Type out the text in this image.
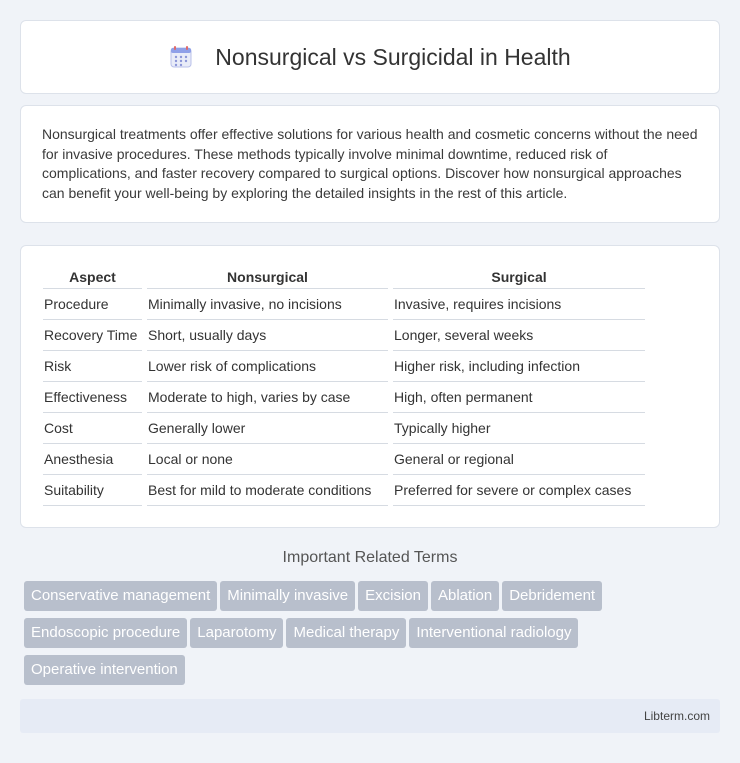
Nonsurgical vs Surgicidal in Health

Nonsurgical treatments offer effective solutions for various health and cosmetic concerns without the need for invasive procedures. These methods typically involve minimal downtime, reduced risk of complications, and faster recovery compared to surgical options. Discover how nonsurgical approaches can benefit your well-being by exploring the detailed insights in the rest of this article.

Aspect	Nonsurgical	Surgical
Procedure	Minimally invasive, no incisions	Invasive, requires incisions
Recovery Time	Short, usually days	Longer, several weeks
Risk	Lower risk of complications	Higher risk, including infection
Effectiveness	Moderate to high, varies by case	High, often permanent
Cost	Generally lower	Typically higher
Anesthesia	Local or none	General or regional
Suitability	Best for mild to moderate conditions	Preferred for severe or complex cases
Important Related Terms
Conservative management Minimally invasive Excision Ablation Debridement
Endoscopic procedure Laparotomy Medical therapy Interventional radiology
Operative intervention
Libterm.com
